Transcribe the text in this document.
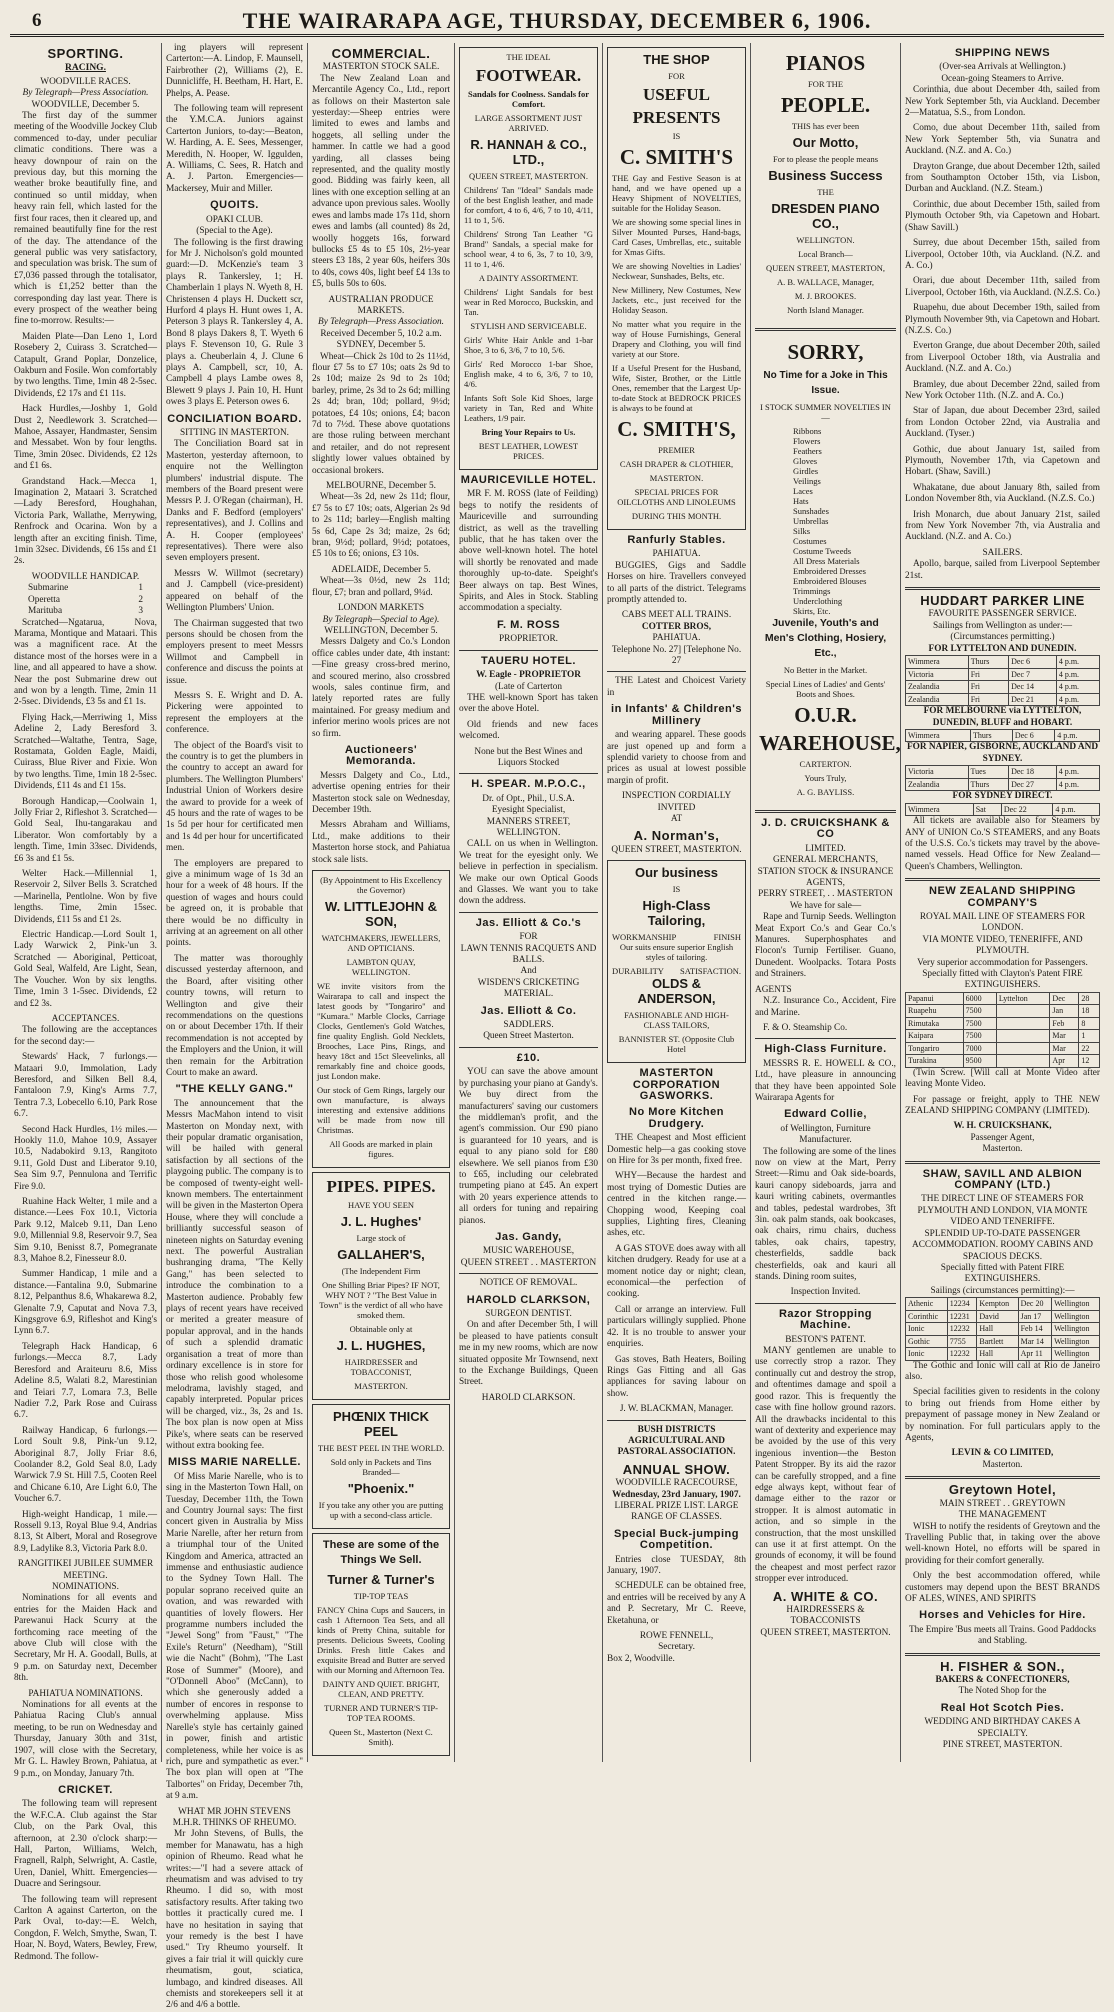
6	THE WAIRARAPA AGE, THURSDAY, DECEMBER 6, 1906.
SPORTING.
RACING.
WOODVILLE RACES.
By Telegraph—Press Association.
WOODVILLE, December 5.

The first day of the summer meeting of the Woodville Jockey Club commenced to-day, under peculiar climatic conditions. There was a heavy downpour of rain on the previous day, but this morning the weather broke beautifully fine, and continued so until midday, when heavy rain fell, which lasted for the first four races, then it cleared up, and remained beautifully fine for the rest of the day. The attendance of the general public was very satisfactory, and speculation was brisk. The sum of £7,036 passed through the totalisator, which is £1,252 better than the corresponding day last year. There is every prospect of the weather being fine to-morrow. Results:—

Maiden Plate—Dan Leno 1, Lord Rosebery 2, Cuirass 3. Scratched—Catapult, Grand Poplar, Donzelice, Oakburn and Fosile. Won comfortably by two lengths. Time, 1min 48 2-5sec. Dividends, £2 17s and £1 11s.

Hack Hurdles,—Joshby 1, Gold Dust 2, Needlework 3. Scratched—Mahoe, Assayer, Handmaster, Sensim and Messabet. Won by four lengths. Time, 3min 20sec. Dividends, £2 12s and £1 6s.

Grandstand Hack.—Mecca 1, Imagination 2, Mataari 3. Scratched—Lady Beresford, Houghahan, Victoria Park, Wallathe, Merrywing, Renfrock and Ocarina. Won by a length after an exciting finish. Time, 1min 32sec. Dividends, £6 15s and £1 2s.

WOODVILLE HANDICAP.
Submarine	1
Operetta	2
Marituba	3

Scratched—Ngatarua, Nova, Marama, Montique and Mataari. This was a magnificent race. At the distance most of the horses were in a line, and all appeared to have a show. Near the post Submarine drew out and won by a length. Time, 2min 11 2-5sec. Dividends, £3 5s and £1 1s.

Flying Hack,—Merriwing 1, Miss Adeline 2, Lady Beresford 3. Scratched—Waltathe, Tentra, Sage, Rostamata, Golden Eagle, Maidi, Cuirass, Blue River and Fixie. Won by two lengths. Time, 1min 18 2-5sec. Dividends, £11 4s and £1 15s.

Borough Handicap,—Coolwain 1, Jolly Friar 2, Rifleshot 3. Scratched—Gold Seal, Ihu-tangarakau and Liberator. Won comfortably by a length. Time, 1min 33sec. Dividends, £6 3s and £1 5s.

Welter Hack.—Millennial 1, Reservoir 2, Silver Bells 3. Scratched—Marinella, Pentlolne. Won by five lengths. Time, 2min 15sec. Dividends, £11 5s and £1 2s.

Electric Handicap.—Lord Soult 1, Lady Warwick 2, Pink-'un 3. Scratched — Aboriginal, Petticoat, Gold Seal, Walfeld, Are Light, Sean, The Voucher. Won by six lengths. Time, 1min 3 1-5sec. Dividends, £2 and £2 3s.

ACCEPTANCES.

The following are the acceptances for the second day:—

Stewards' Hack, 7 furlongs.—Mataari 9.0, Immolation, Lady Beresford, and Silken Bell 8.4, Fantaloon 7.9, King's Arms 7.7, Tentra 7.3, Lobecello 6.10, Park Rose 6.7.

Second Hack Hurdles, 1½ miles.—Hookly 11.0, Mahoe 10.9, Assayer 10.5, Nadabokird 9.13, Rangitoto 9.11, Gold Dust and Liberator 9.10, Sea Sim 9.7, Pennulona and Terrific Fire 9.0.

Ruahine Hack Welter, 1 mile and a distance.—Lees Fox 10.1, Victoria Park 9.12, Malceb 9.11, Dan Leno 9.0, Millennial 9.8, Reservoir 9.7, Sea Sim 9.10, Benisst 8.7, Pomegranate 8.3, Mahoe 8.2, Finesseur 8.0.

Summer Handicap, 1 mile and a distance.—Fantalina 9.0, Submarine 8.12, Pelpanthus 8.6, Whakarewa 8.2, Glenalte 7.9, Caputat and Nova 7.3, Kingsgrove 6.9, Rifleshot and King's Lynn 6.7.

Telegraph Hack Handicap, 6 furlongs.—Mecca 8.7, Lady Beresford and Araiteuru 8.6, Miss Adeline 8.5, Walati 8.2, Marestinian and Teiari 7.7, Lomara 7.3, Belle Nadier 7.2, Park Rose and Cuirass 6.7.

Railway Handicap, 6 furlongs.—Lord Soult 9.8, Pink-'un 9.12, Aboriginal 8.7, Jolly Friar 8.6, Coolander 8.2, Gold Seal 8.0, Lady Warwick 7.9 St. Hill 7.5, Cooten Reel and Chicane 6.10, Are Light 6.0, The Voucher 6.7.

High-weight Handicap, 1 mile.—Rossell 9.13, Royal Blue 9.4, Andrias 8.13, St Albert, Moral and Rosegrove 8.9, Ladylike 8.3, Victoria Park 8.0.

RANGITIKEI JUBILEE SUMMER MEETING.
NOMINATIONS.

Nominations for all events and entries for the Maiden Hack and Parewanui Hack Scurry at the forthcoming race meeting of the above Club will close with the Secretary, Mr H. A. Goodall, Bulls, at 9 p.m. on Saturday next, December 8th.

PAHIATUA NOMINATIONS.

Nominations for all events at the Pahiatua Racing Club's annual meeting, to be run on Wednesday and Thursday, January 30th and 31st, 1907, will close with the Secretary, Mr G. L. Hawley Brown, Pahiatua, at 9 p.m., on Monday, January 7th.

CRICKET.

The following team will represent the W.F.C.A. Club against the Star Club, on the Park Oval, this afternoon, at 2.30 o'clock sharp:—Hall, Parton, Williams, Welch, Fragnell, Ralph, Selwright, A. Castle, Uren, Daniel, Whitt. Emergencies—Duacre and Seringsour.

The following team will represent Carlton A against Carterton, on the Park Oval, to-day:—E. Welch, Congdon, F. Welch, Smythe, Swan, T. Hoar, N. Boyd, Waters, Bewley, Frew, Redmond. The follow-

ing players will represent Carterton:—A. Lindop, F. Maunsell, Fairbrother (2), Williams (2), E. Dunnicliffe, H. Beetham, H. Hart, E. Phelps, A. Pease.

The following team will represent the Y.M.C.A. Juniors against Carterton Juniors, to-day:—Beaton, W. Harding, A. E. Sees, Messenger, Meredith, N. Hooper, W. Iggulden, A. Williams, C. Sees, R. Hatch and A. J. Parton. Emergencies—Mackersey, Muir and Miller.

QUOITS.
OPAKI CLUB.
(Special to the Age).

The following is the first drawing for Mr J. Nicholson's gold mounted guard:—D. McKenzie's team 3 plays R. Tankersley, 1; H. Chamberlain 1 plays N. Wyeth 8, H. Christensen 4 plays H. Duckett scr, Hurford 4 plays H. Hunt owes 1, A. Peterson 3 plays R. Tankersley 4, A. Bond 8 plays Dakers 8, T. Wyeth 6 plays F. Stevenson 10, G. Rule 3 plays a. Cheuberlain 4, J. Clune 6 plays A. Campbell, scr, 10, A. Campbell 4 plays Lambe owes 8, Blewett 9 plays J. Pain 10, H. Hunt owes 3 plays E. Peterson owes 6.

CONCILIATION BOARD.
SITTING IN MASTERTON.

The Conciliation Board sat in Masterton, yesterday afternoon, to enquire not the Wellington plumbers' industrial dispute. The members of the Board present were Messrs P. J. O'Regan (chairman), H. Danks and F. Bedford (employers' representatives), and J. Collins and A. H. Cooper (employees' representatives). There were also seven employers present.

Messrs W. Willmot (secretary) and J. Campbell (vice-president) appeared on behalf of the Wellington Plumbers' Union.

The Chairman suggested that two persons should be chosen from the employers present to meet Messrs Willmot and Campbell in conference and discuss the points at issue.

Messrs S. E. Wright and D. A. Pickering were appointed to represent the employers at the conference.

The object of the Board's visit to the country is to get the plumbers in the country to accept an award for plumbers. The Wellington Plumbers' Industrial Union of Workers desire the award to provide for a week of 45 hours and the rate of wages to be 1s 5d per hour for certificated men and 1s 4d per hour for uncertificated men.

The employers are prepared to give a minimum wage of 1s 3d an hour for a week of 48 hours. If the question of wages and hours could be agreed on, it is probable that there would be no difficulty in arriving at an agreement on all other points.

The matter was thoroughly discussed yesterday afternoon, and the Board, after visiting other country towns, will return to Wellington and give their recommendations on the questions on or about December 17th. If their recommendation is not accepted by the Employers and the Union, it will then remain for the Arbitration Court to make an award.

"THE KELLY GANG."

The announcement that the Messrs MacMahon intend to visit Masterton on Monday next, with their popular dramatic organisation, will be hailed with general satisfaction by all sections of the playgoing public. The company is to be composed of twenty-eight well-known members. The entertainment will be given in the Masterton Opera House, where they will conclude a brilliantly successful season of nineteen nights on Saturday evening next. The powerful Australian bushranging drama, "The Kelly Gang," has been selected to introduce the combination to a Masterton audience. Probably few plays of recent years have received or merited a greater measure of popular approval, and in the hands of such a splendid dramatic organisation a treat of more than ordinary excellence is in store for those who relish good wholesome melodrama, lavishly staged, and capably interpreted. Popular prices will be charged, viz., 3s, 2s and 1s. The box plan is now open at Miss Pike's, where seats can be reserved without extra booking fee.

MISS MARIE NARELLE.

Of Miss Marie Narelle, who is to sing in the Masterton Town Hall, on Tuesday, December 11th, the Town and Country Journal says: The first concert given in Australia by Miss Marie Narelle, after her return from a triumphal tour of the United Kingdom and America, attracted an immense and enthusiastic audience to the Sydney Town Hall. The popular soprano received quite an ovation, and was rewarded with quantities of lovely flowers. Her programme numbers included the "Jewel Song" from "Faust," "The Exile's Return" (Needham), "Still wie die Nacht" (Bohm), "The Last Rose of Summer" (Moore), and "O'Donnell Aboo" (McCann), to which she generously added a number of encores in response to overwhelming applause. Miss Narelle's style has certainly gained in power, finish and artistic completeness, while her voice is as rich, pure and sympathetic as ever." The box plan will open at "The Talbortes" on Friday, December 7th, at 9 a.m.

WHAT MR JOHN STEVENS M.H.R. THINKS OF RHEUMO.

Mr John Stevens, of Bulls, the member for Manawatu, has a high opinion of Rheumo. Read what he writes:—"I had a severe attack of rheumatism and was advised to try Rheumo. I did so, with most satisfactory results. After taking two bottles it practically cured me. I have no hesitation in saying that your remedy is the best I have used." Try Rheumo yourself. It gives a fair trial it will quickly cure rheumatism, gout, sciatica, lumbago, and kindred diseases. All chemists and storekeepers sell it at 2/6 and 4/6 a bottle.

COMMERCIAL.
MASTERTON STOCK SALE.

The New Zealand Loan and Mercantile Agency Co., Ltd., report as follows on their Masterton sale yesterday:—Sheep entries were limited to ewes and lambs and hoggets, all selling under the hammer. In cattle we had a good yarding, all classes being represented, and the quality mostly good. Bidding was fairly keen, all lines with one exception selling at an advance upon previous sales. Woolly ewes and lambs made 17s 11d, shorn ewes and lambs (all counted) 8s 2d, woolly hoggets 16s, forward bullocks £5 4s to £5 10s, 2½-year steers £3 18s, 2 year 60s, heifers 30s to 40s, cows 40s, light beef £4 13s to £5, bulls 50s to 60s.

AUSTRALIAN PRODUCE MARKETS.
By Telegraph—Press Association.
Received December 5, 10.2 a.m.
SYDNEY, December 5.

Wheat—Chick 2s 10d to 2s 11½d, flour £7 5s to £7 10s; oats 2s 9d to 2s 10d; maize 2s 9d to 2s 10d; barley, prime, 2s 3d to 2s 6d; milling 2s 4d; bran, 10d; pollard, 9½d; potatoes, £4 10s; onions, £4; bacon 7d to 7½d. These above quotations are those ruling between merchant and retailer, and do not represent slightly lower values obtained by occasional brokers.

MELBOURNE, December 5.

Wheat—3s 2d, new 2s 11d; flour, £7 5s to £7 10s; oats, Algerian 2s 9d to 2s 11d; barley—English malting 5s 6d, Cape 2s 3d; maize, 2s 6d; bran, 9½d; pollard, 9½d; potatoes, £5 10s to £6; onions, £3 10s.

ADELAIDE, December 5.

Wheat—3s 0½d, new 2s 11d; flour, £7; bran and pollard, 9¼d.

LONDON MARKETS
By Telegraph—Special to Age).
WELLINGTON, December 5.

Messrs Dalgety and Co.'s London office cables under date, 4th instant:—Fine greasy cross-bred merino, and scoured merino, also crossbred wools, sales continue firm, and lately reported rates are fully maintained. For greasy medium and inferior merino wools prices are not so firm.

Auctioneers' Memoranda.

Messrs Dalgety and Co., Ltd., advertise opening entries for their Masterton stock sale on Wednesday, December 19th.

Messrs Abraham and Williams, Ltd., make additions to their Masterton horse stock, and Pahiatua stock sale lists.

(By Appointment to His Excellency the Governor)

W. LITTLEJOHN & SON,

WATCHMAKERS, JEWELLERS, AND OPTICIANS.

LAMBTON QUAY, WELLINGTON.

WE invite visitors from the Wairarapa to call and inspect the latest goods by "Tongariro" and "Kumara." Marble Clocks, Carriage Clocks, Gentlemen's Gold Watches, fine quality English. Gold Necklets, Brooches, Lace Pins, Rings, and heavy 18ct and 15ct Sleevelinks, all remarkably fine and choice goods, just London make.

Our stock of Gem Rings, largely our own manufacture, is always interesting and extensive additions will be made from now till Christmas.

All Goods are marked in plain figures.

PIPES. PIPES.

HAVE YOU SEEN

J. L. Hughes'

Large stock of

GALLAHER'S,

(The Independent Firm

One Shilling Briar Pipes? IF NOT, WHY NOT ? "The Best Value in Town" is the verdict of all who have smoked them.

Obtainable only at

J. L. HUGHES,

HAIRDRESSER and TOBACCONIST,

MASTERTON.

PHŒNIX THICK PEEL

THE BEST PEEL IN THE WORLD.

Sold only in Packets and Tins Branded—

"Phoenix."

If you take any other you are putting up with a second-class article.

These are some of the Things We Sell.

Turner & Turner's

TIP-TOP TEAS

FANCY China Cups and Saucers, in cash 1 Afternoon Tea Sets, and all kinds of Pretty China, suitable for presents. Delicious Sweets, Cooling Drinks. Fresh little Cakes and exquisite Bread and Butter are served with our Morning and Afternoon Tea.

DAINTY AND QUIET. BRIGHT, CLEAN, AND PRETTY.

TURNER AND TURNER'S TIP-TOP TEA ROOMS.

Queen St., Masterton (Next C. Smith).

THE IDEAL

FOOTWEAR.

Sandals for Coolness. Sandals for Comfort.

LARGE ASSORTMENT JUST ARRIVED.

R. HANNAH & CO., LTD.,

QUEEN STREET, MASTERTON.

Childrens' Tan "Ideal" Sandals made of the best English leather, and made for comfort, 4 to 6, 4/6, 7 to 10, 4/11, 11 to 1, 5/6.

Childrens' Strong Tan Leather "G Brand" Sandals, a special make for school wear, 4 to 6, 3s, 7 to 10, 3/9, 11 to 1, 4/6.

A DAINTY ASSORTMENT.

Childrens' Light Sandals for best wear in Red Morocco, Buckskin, and Tan.

STYLISH AND SERVICEABLE.

Girls' White Hair Ankle and 1-bar Shoe, 3 to 6, 3/6, 7 to 10, 5/6.

Girls' Red Morocco 1-bar Shoe, English make, 4 to 6, 3/6, 7 to 10, 4/6.

Infants Soft Sole Kid Shoes, large variety in Tan, Red and White Leathers, 1/9 pair.

Bring Your Repairs to Us.

BEST LEATHER, LOWEST PRICES.

MAURICEVILLE HOTEL.

MR F. M. ROSS (late of Feilding) begs to notify the residents of Mauriceville and surrounding district, as well as the travelling public, that he has taken over the above well-known hotel. The hotel will shortly be renovated and made thoroughly up-to-date. Speight's Beer always on tap. Best Wines, Spirits, and Ales in Stock. Stabling accommodation a specialty.

F. M. ROSS
PROPRIETOR.
TAUERU HOTEL.
W. Eagle - PROPRIETOR
(Late of Carterton

THE well-known Sport has taken over the above Hotel.

Old friends and new faces welcomed.

None but the Best Wines and Liquors Stocked
H. SPEAR. M.P.O.C.,
Dr. of Opt., Phil., U.S.A.
Eyesight Specialist,
MANNERS STREET, WELLINGTON.

CALL on us when in Wellington. We treat for the eyesight only. We believe in perfection in specialism. We make our own Optical Goods and Glasses. We want you to take down the address.

Jas. Elliott & Co.'s
FOR
LAWN TENNIS RACQUETS AND BALLS.
And
WISDEN'S CRICKETING MATERIAL.
Jas. Elliott & Co.
SADDLERS.
Queen Street Masterton.
£10.

YOU can save the above amount by purchasing your piano at Gandy's. We buy direct from the manufacturers' saving our customers the middleman's profit, and the agent's commission. Our £90 piano is guaranteed for 10 years, and is equal to any piano sold for £80 elsewhere. We sell pianos from £30 to £65, including our celebrated trumpeting piano at £45. An expert with 20 years experience attends to all orders for tuning and repairing pianos.

Jas. Gandy,
MUSIC WAREHOUSE,
QUEEN STREET . . MASTERTON
NOTICE OF REMOVAL.
HAROLD CLARKSON,
SURGEON DENTIST.

On and after December 5th, I will be pleased to have patients consult me in my new rooms, which are now situated opposite Mr Townsend, next to the Exchange Buildings, Queen Street.

HAROLD CLARKSON.

THE SHOP

FOR

USEFUL

PRESENTS

IS

C. SMITH'S

THE Gay and Festive Season is at hand, and we have opened up a Heavy Shipment of NOVELTIES, suitable for the Holiday Season.

We are showing some special lines in Silver Mounted Purses, Hand-bags, Card Cases, Umbrellas, etc., suitable for Xmas Gifts.

We are showing Novelties in Ladies' Neckwear, Sunshades, Belts, etc.

New Millinery, New Costumes, New Jackets, etc., just received for the Holiday Season.

No matter what you require in the way of House Furnishings, General Drapery and Clothing, you will find variety at our Store.

If a Useful Present for the Husband, Wife, Sister, Brother, or the Little Ones, remember that the Largest Up-to-date Stock at BEDROCK PRICES is always to be found at

C. SMITH'S,

PREMIER

CASH DRAPER & CLOTHIER,

MASTERTON.

SPECIAL PRICES FOR OILCLOTHS AND LINOLEUMS

DURING THIS MONTH.

Ranfurly Stables.
PAHIATUA.

BUGGIES, Gigs and Saddle Horses on hire. Travellers conveyed to all parts of the district. Telegrams promptly attended to.

CABS MEET ALL TRAINS.
COTTER BROS,
PAHIATUA.
Telephone No. 27] [Telephone No. 27

THE Latest and Choicest Variety in

in Infants' & Children's Millinery

and wearing apparel. These goods are just opened up and form a splendid variety to choose from and prices as usual at lowest possible margin of profit.

INSPECTION CORDIALLY INVITED
AT
A. Norman's,
QUEEN STREET, MASTERTON.

Our business

IS

High-Class Tailoring,

WORKMANSHIP	FINISH

Our suits ensure superior English styles of tailoring.

DURABILITY SATISFACTION.

OLDS & ANDERSON,

FASHIONABLE AND HIGH-CLASS TAILORS,

BANNISTER ST. (Opposite Club Hotel

MASTERTON CORPORATION GASWORKS.
No More Kitchen Drudgery.

THE Cheapest and Most efficient Domestic help—a gas cooking stove on Hire for 3s per month, fixed free.

WHY—Because the hardest and most trying of Domestic Duties are centred in the kitchen range.—Chopping wood, Keeping coal supplies, Lighting fires, Cleaning ashes, etc.

A GAS STOVE does away with all kitchen drudgery. Ready for use at a moment notice day or night; clean, economical—the perfection of cooking.

Call or arrange an interview. Full particulars willingly supplied. Phone 42. It is no trouble to answer your enquiries.

Gas stoves, Bath Heaters, Boiling Rings Gas Fitting and all Gas appliances for saving labour on show.

J. W. BLACKMAN, Manager.
BUSH DISTRICTS AGRICULTURAL AND PASTORAL ASSOCIATION.
ANNUAL SHOW.
WOODVILLE RACECOURSE,
Wednesday, 23rd January, 1907.
LIBERAL PRIZE LIST. LARGE RANGE OF CLASSES.
Special Buck-jumping Competition.

Entries close TUESDAY, 8th January, 1907.

SCHEDULE can be obtained free, and entries will be received by any A and P. Secretary, Mr C. Reeve, Eketahuna, or

ROWE FENNELL,
Secretary.
Box 2, Woodville.

PIANOS

FOR THE

PEOPLE.

THIS has ever been

Our Motto,

For to please the people means

Business Success

THE

DRESDEN PIANO CO.,

WELLINGTON.

Local Branch—

QUEEN STREET, MASTERTON,

A. B. WALLACE, Manager,

M. J. BROOKES.

North Island Manager.

SORRY,

No Time for a Joke in This Issue.

I STOCK SUMMER NOVELTIES IN—

Ribbons
Flowers
Feathers
Gloves
Girdles
Veilings
Laces
Hats
Sunshades
Umbrellas
Silks
Costumes
Costume Tweeds
All Dress Materials
Embroidered Dresses
Embroidered Blouses
Trimmings
Underclothing
Skirts, Etc.

Juvenile, Youth's and Men's Clothing, Hosiery, Etc.,

No Better in the Market.

Special Lines of Ladies' and Gents' Boots and Shoes.

O.U.R.

WAREHOUSE,

CARTERTON.

Yours Truly,

A. G. BAYLISS.

J. D. CRUICKSHANK & CO
LIMITED.
GENERAL MERCHANTS, STATION STOCK & INSURANCE AGENTS,
PERRY STREET, . . MASTERTON
We have for sale—

Rape and Turnip Seeds. Wellington Meat Export Co.'s and Gear Co.'s Manures. Superphosphates and Flocon's Turnip Fertiliser. Guano, Dunedent. Woolpacks. Totara Posts and Strainers.

AGENTS

N.Z. Insurance Co., Accident, Fire and Marine.

F. & O. Steamship Co.

High-Class Furniture.

MESSRS R. E. HOWELL & CO., Ltd., have pleasure in announcing that they have been appointed Sole Wairarapa Agents for

Edward Collie,
of Wellington, Furniture Manufacturer.

The following are some of the lines now on view at the Mart, Perry Street:—Rimu and Oak side-boards, kauri canopy sideboards, jarra and kauri writing cabinets, overmantles and tables, pedestal wardrobes, 3ft 3in. oak palm stands, oak bookcases, oak chairs, rimu chairs, duchess tables, oak chairs, tapestry, chesterfields, saddle back chesterfields, oak and kauri all stands. Dining room suites,

Inspection Invited.
Razor Stropping Machine.
BESTON'S PATENT.

MANY gentlemen are unable to use correctly strop a razor. They continually cut and destroy the strop, and oftentimes damage and spoil a good razor. This is frequently the case with fine hollow ground razors. All the drawbacks incidental to this want of dexterity and experience may be avoided by the use of this very ingenious invention—the Beston Patent Stropper. By its aid the razor can be carefully stropped, and a fine edge always kept, without fear of damage either to the razor or stropper. It is almost automatic in action, and so simple in the construction, that the most unskilled can use it at first attempt. On the grounds of economy, it will be found the cheapest and most perfect razor stropper ever introduced.

A. WHITE & CO.
HAIRDRESSERS & TOBACCONISTS
QUEEN STREET, MASTERTON.
SHIPPING NEWS
(Over-sea Arrivals at Wellington.)
Ocean-going Steamers to Arrive.

Corinthia, due about December 4th, sailed from New York September 5th, via Auckland. December 2—Matatua, S.S., from London.

Como, due about December 11th, sailed from New York September 5th, via Sunatra and Auckland. (N.Z. and A. Co.)

Drayton Grange, due about December 12th, sailed from Southampton October 15th, via Lisbon, Durban and Auckland. (N.Z. Steam.)

Corinthic, due about December 15th, sailed from Plymouth October 9th, via Capetown and Hobart. (Shaw Savill.)

Surrey, due about December 15th, sailed from Liverpool, October 10th, via Auckland. (N.Z. and A. Co.)

Orari, due about December 11th, sailed from Liverpool, October 16th, via Auckland. (N.Z.S. Co.)

Ruapehu, due about December 19th, sailed from Plymouth November 9th, via Capetown and Hobart. (N.Z.S. Co.)

Everton Grange, due about December 20th, sailed from Liverpool October 18th, via Australia and Auckland. (N.Z. and A. Co.)

Bramley, due about December 22nd, sailed from New York October 11th. (N.Z. and A. Co.)

Star of Japan, due about December 23rd, sailed from London October 22nd, via Australia and Auckland. (Tyser.)

Gothic, due about January 1st, sailed from Plymouth, November 17th, via Capetown and Hobart. (Shaw, Savill.)

Whakatane, due about January 8th, sailed from London November 8th, via Auckland. (N.Z.S. Co.)

Irish Monarch, due about January 21st, sailed from New York November 7th, via Australia and Auckland. (N.Z. and A. Co.)

SAILERS.

Apollo, barque, sailed from Liverpool September 21st.

HUDDART PARKER LINE
FAVOURITE PASSENGER SERVICE.
Sailings from Wellington as under:—
(Circumstances permitting.)
FOR LYTTELTON AND DUNEDIN.
Wimmera	Thurs	Dec 6	4 p.m.
Victoria	Fri	Dec 7	4 p.m.
Zealandia	Fri	Dec 14	4 p.m.
Zealandia	Fri	Dec 21	4 p.m.
FOR MELBOURNE via LYTTELTON, DUNEDIN, BLUFF and HOBART.
Wimmera	Thurs	Dec 6	4 p.m.
FOR NAPIER, GISBORNE, AUCKLAND AND SYDNEY.
Victoria	Tues	Dec 18	4 p.m.
Zealandia	Thurs	Dec 27	4 p.m.
FOR SYDNEY DIRECT.
Wimmera	Sat	Dec 22	4 p.m.

All tickets are available also for Steamers by ANY of UNION Co.'S STEAMERS, and any Boats of the U.S.S. Co.'s tickets may travel by the above-named vessels. Head Office for New Zealand—Queen's Chambers, Wellington.

NEW ZEALAND SHIPPING COMPANY'S
ROYAL MAIL LINE OF STEAMERS FOR LONDON.
VIA MONTE VIDEO, TENERIFFE, AND PLYMOUTH.
Very superior accommodation for Passengers.
Specially fitted with Clayton's Patent FIRE EXTINGUISHERS.
Papanui	6000	Lyttelton	Dec	28
Ruapehu	7500		Jan	18
Rimutaka	7500		Feb	8
Kaipara	7500		Mar	1
Tongariro	7000		Mar	22
Turakina	9500		Apr	12

(Twin Screw. [Will call at Monte Video after leaving Monte Video.

For passage or freight, apply to THE NEW ZEALAND SHIPPING COMPANY (LIMITED).

W. H. CRUICKSHANK,
Passenger Agent,
Masterton.
SHAW, SAVILL AND ALBION COMPANY (LTD.)
THE DIRECT LINE OF STEAMERS FOR PLYMOUTH AND LONDON, VIA MONTE VIDEO AND TENERIFFE.
SPLENDID UP-TO-DATE PASSENGER ACCOMMODATION. ROOMY CABINS AND SPACIOUS DECKS.
Specially fitted with Patent FIRE EXTINGUISHERS.
Sailings (circumstances permitting):—
Athenic	12234	Kempton	Dec 20	Wellington
Corinthic	12231	David	Jan 17	Wellington
Ionic	12232	Hall	Feb 14	Wellington
Gothic	7755	Bartlett	Mar 14	Wellington
Ionic	12232	Hall	Apr 11	Wellington

The Gothic and Ionic will call at Rio de Janeiro also.

Special facilities given to residents in the colony to bring out friends from Home either by prepayment of passage money in New Zealand or by nomination. For full particulars apply to the Agents,

LEVIN & CO LIMITED,
Masterton.
Greytown Hotel,
MAIN STREET . . GREYTOWN
THE MANAGEMENT

WISH to notify the residents of Greytown and the Travelling Public that, in taking over the above well-known Hotel, no efforts will be spared in providing for their comfort generally.

Only the best accommodation offered, while customers may depend upon the BEST BRANDS OF ALES, WINES, AND SPIRITS

Horses and Vehicles for Hire.
The Empire 'Bus meets all Trains. Good Paddocks and Stabling.
H. FISHER & SON.,
BAKERS & CONFECTIONERS,
The Noted Shop for the
Real Hot Scotch Pies.
WEDDING AND BIRTHDAY CAKES A SPECIALTY.
PINE STREET, MASTERTON.
